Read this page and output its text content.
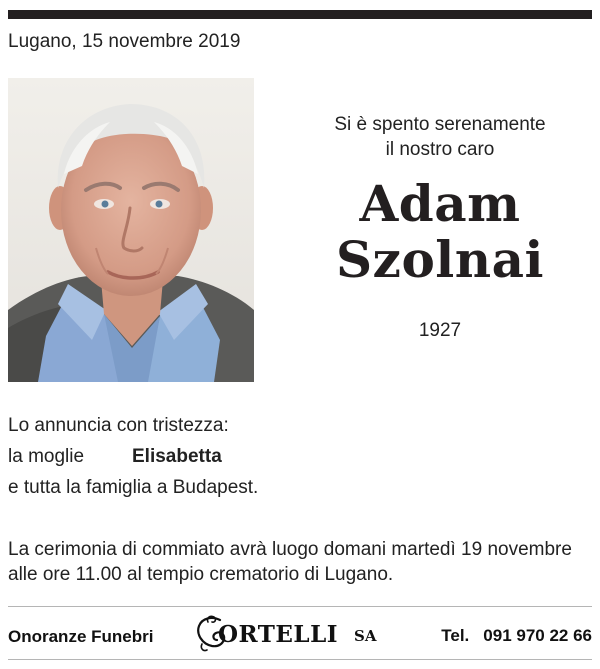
Lugano, 15 novembre 2019
Si è spento serenamente
il nostro caro
Adam
Szolnai
1927
Lo annuncia con tristezza:
la moglie	Elisabetta
e tutta la famiglia a Budapest.
La cerimonia di commiato avrà luogo domani martedì 19 novembre alle ore 11.00 al tempio crematorio di Lugano.
Onoranze Funebri	ORTELLI SA	Tel. 091 970 22 66
